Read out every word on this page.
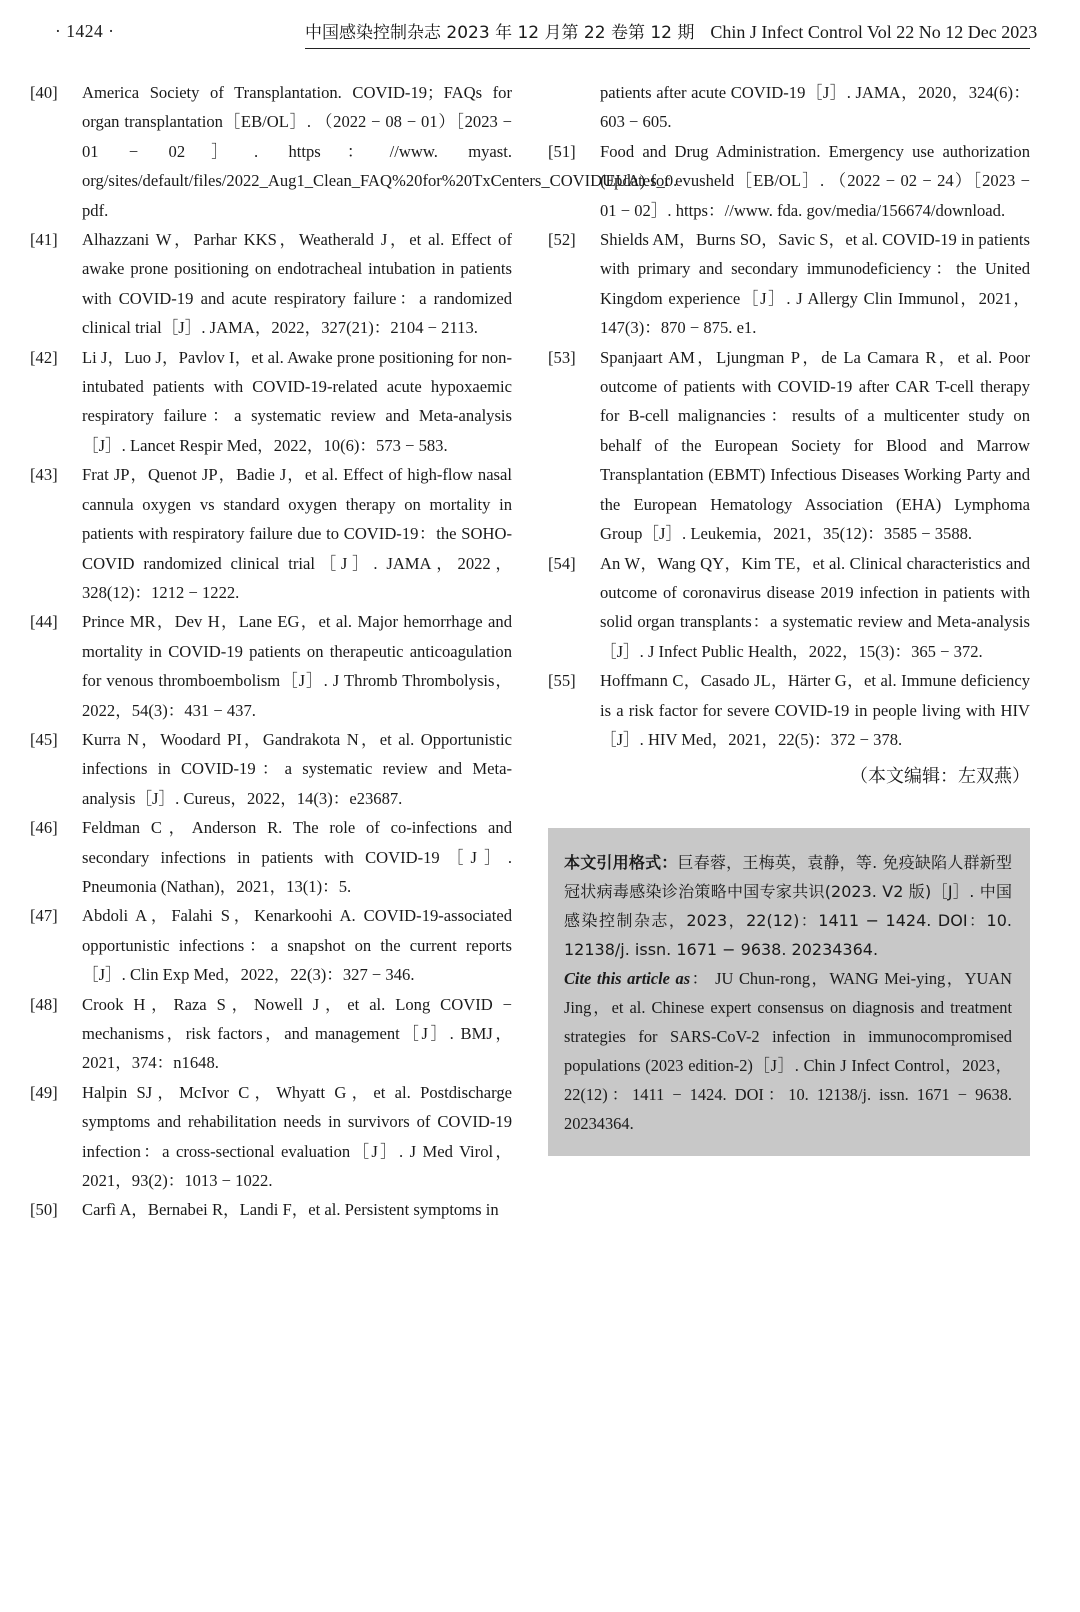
· 1424 ·	中国感染控制杂志 2023 年 12 月第 22 卷第 12 期 Chin J Infect Control Vol 22 No 12 Dec 2023

[40]	America Society of Transplantation. COVID-19；FAQs for organ transplantation［EB/OL］. （2022 − 08 − 01）［2023 − 01 − 02］. https：//www. myast. org/sites/default/files/2022_Aug1_Clean_FAQ%20for%20TxCenters_COVIDUpdates_0. pdf.

[41]	Alhazzani W，Parhar KKS，Weatherald J，et al. Effect of awake prone positioning on endotracheal intubation in patients with COVID-19 and acute respiratory failure：a randomized clinical trial［J］. JAMA，2022，327(21)：2104 − 2113.

[42]	Li J，Luo J，Pavlov I，et al. Awake prone positioning for non-intubated patients with COVID-19-related acute hypoxaemic respiratory failure：a systematic review and Meta-analysis［J］. Lancet Respir Med，2022，10(6)：573 − 583.

[43]	Frat JP，Quenot JP，Badie J，et al. Effect of high-flow nasal cannula oxygen vs standard oxygen therapy on mortality in patients with respiratory failure due to COVID-19：the SOHO-COVID randomized clinical trial［J］. JAMA，2022，328(12)：1212 − 1222.

[44]	Prince MR，Dev H，Lane EG，et al. Major hemorrhage and mortality in COVID-19 patients on therapeutic anticoagulation for venous thromboembolism［J］. J Thromb Thrombolysis，2022，54(3)：431 − 437.

[45]	Kurra N，Woodard PI，Gandrakota N，et al. Opportunistic infections in COVID-19：a systematic review and Meta-analysis［J］. Cureus，2022，14(3)：e23687.

[46]	Feldman C，Anderson R. The role of co-infections and secondary infections in patients with COVID-19［J］. Pneumonia (Nathan)，2021，13(1)：5.

[47]	Abdoli A，Falahi S，Kenarkoohi A. COVID-19-associated opportunistic infections：a snapshot on the current reports［J］. Clin Exp Med，2022，22(3)：327 − 346.

[48]	Crook H，Raza S，Nowell J，et al. Long COVID − mechanisms，risk factors，and management［J］. BMJ，2021，374：n1648.

[49]	Halpin SJ，McIvor C，Whyatt G，et al. Postdischarge symptoms and rehabilitation needs in survivors of COVID-19 infection：a cross-sectional evaluation［J］. J Med Virol，2021，93(2)：1013 − 1022.

[50]	Carfì A，Bernabei R，Landi F，et al. Persistent symptoms in

patients after acute COVID-19［J］. JAMA，2020，324(6)：603 − 605.

[51]	Food and Drug Administration. Emergency use authorization (EUA) for evusheld［EB/OL］. （2022 − 02 − 24）［2023 − 01 − 02］. https：//www. fda. gov/media/156674/download.

[52]	Shields AM，Burns SO，Savic S，et al. COVID-19 in patients with primary and secondary immunodeficiency：the United Kingdom experience［J］. J Allergy Clin Immunol，2021，147(3)：870 − 875. e1.

[53]	Spanjaart AM，Ljungman P，de La Camara R，et al. Poor outcome of patients with COVID-19 after CAR T-cell therapy for B-cell malignancies：results of a multicenter study on behalf of the European Society for Blood and Marrow Transplantation (EBMT) Infectious Diseases Working Party and the European Hematology Association (EHA) Lymphoma Group［J］. Leukemia，2021，35(12)：3585 − 3588.

[54]	An W，Wang QY，Kim TE，et al. Clinical characteristics and outcome of coronavirus disease 2019 infection in patients with solid organ transplants：a systematic review and Meta-analysis［J］. J Infect Public Health，2022，15(3)：365 − 372.

[55]	Hoffmann C，Casado JL，Härter G，et al. Immune deficiency is a risk factor for severe COVID-19 in people living with HIV［J］. HIV Med，2021，22(5)：372 − 378.

（本文编辑：左双燕）

本文引用格式：巨春蓉，王梅英，袁静，等. 免疫缺陷人群新型冠状病毒感染诊治策略中国专家共识(2023. V2 版)［J］. 中国感染控制杂志，2023，22(12)：1411 − 1424. DOI：10. 12138/j. issn. 1671 − 9638. 20234364.

Cite this article as： JU Chun-rong，WANG Mei-ying，YUAN Jing，et al. Chinese expert consensus on diagnosis and treatment strategies for SARS-CoV-2 infection in immunocompromised populations (2023 edition-2)［J］. Chin J Infect Control，2023，22(12)：1411 − 1424. DOI：10. 12138/j. issn. 1671 − 9638. 20234364.
